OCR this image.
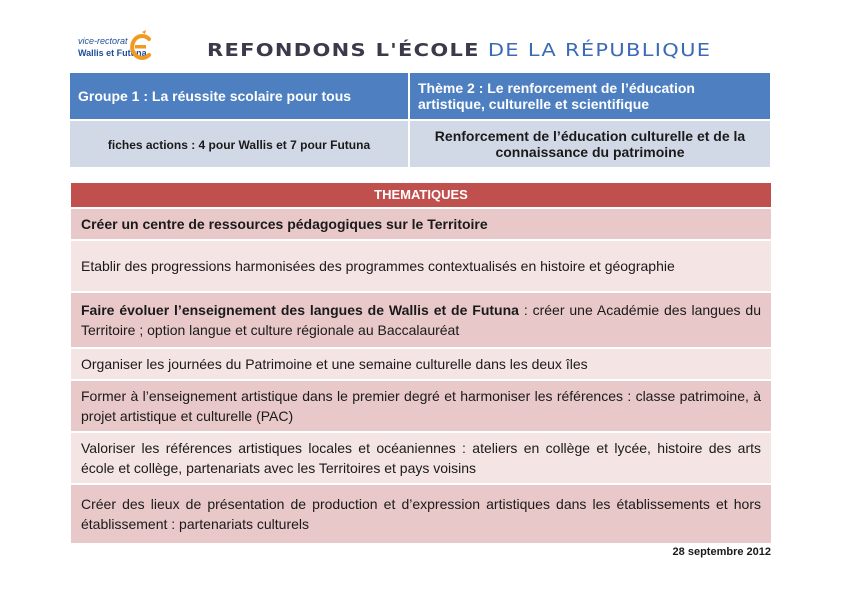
vice-rectorat
Wallis et Futuna	REFONDONS L'ÉCOLE DE LA RÉPUBLIQUE
Groupe 1 : La réussite scolaire pour tous	Thème 2 : Le renforcement de l’éducation artistique, culturelle et scientifique
fiches actions : 4 pour Wallis et 7 pour Futuna	Renforcement de l’éducation culturelle et de la connaissance du patrimoine
THEMATIQUES
Créer un centre de ressources pédagogiques sur le Territoire
Etablir des progressions harmonisées des programmes contextualisés en histoire et géographie
Faire évoluer l’enseignement des langues de Wallis et de Futuna : créer une Académie des langues du Territoire ; option langue et culture régionale au Baccalauréat
Organiser les journées du Patrimoine et une semaine culturelle dans les deux îles
Former à l’enseignement artistique dans le premier degré et harmoniser les références : classe patrimoine, à projet artistique et culturelle (PAC)
Valoriser les références artistiques locales et océaniennes : ateliers en collège et lycée, histoire des arts école et collège, partenariats avec les Territoires et pays voisins
Créer des lieux de présentation de production et d’expression artistiques dans les établissements et hors établissement : partenariats culturels
28 septembre 2012
